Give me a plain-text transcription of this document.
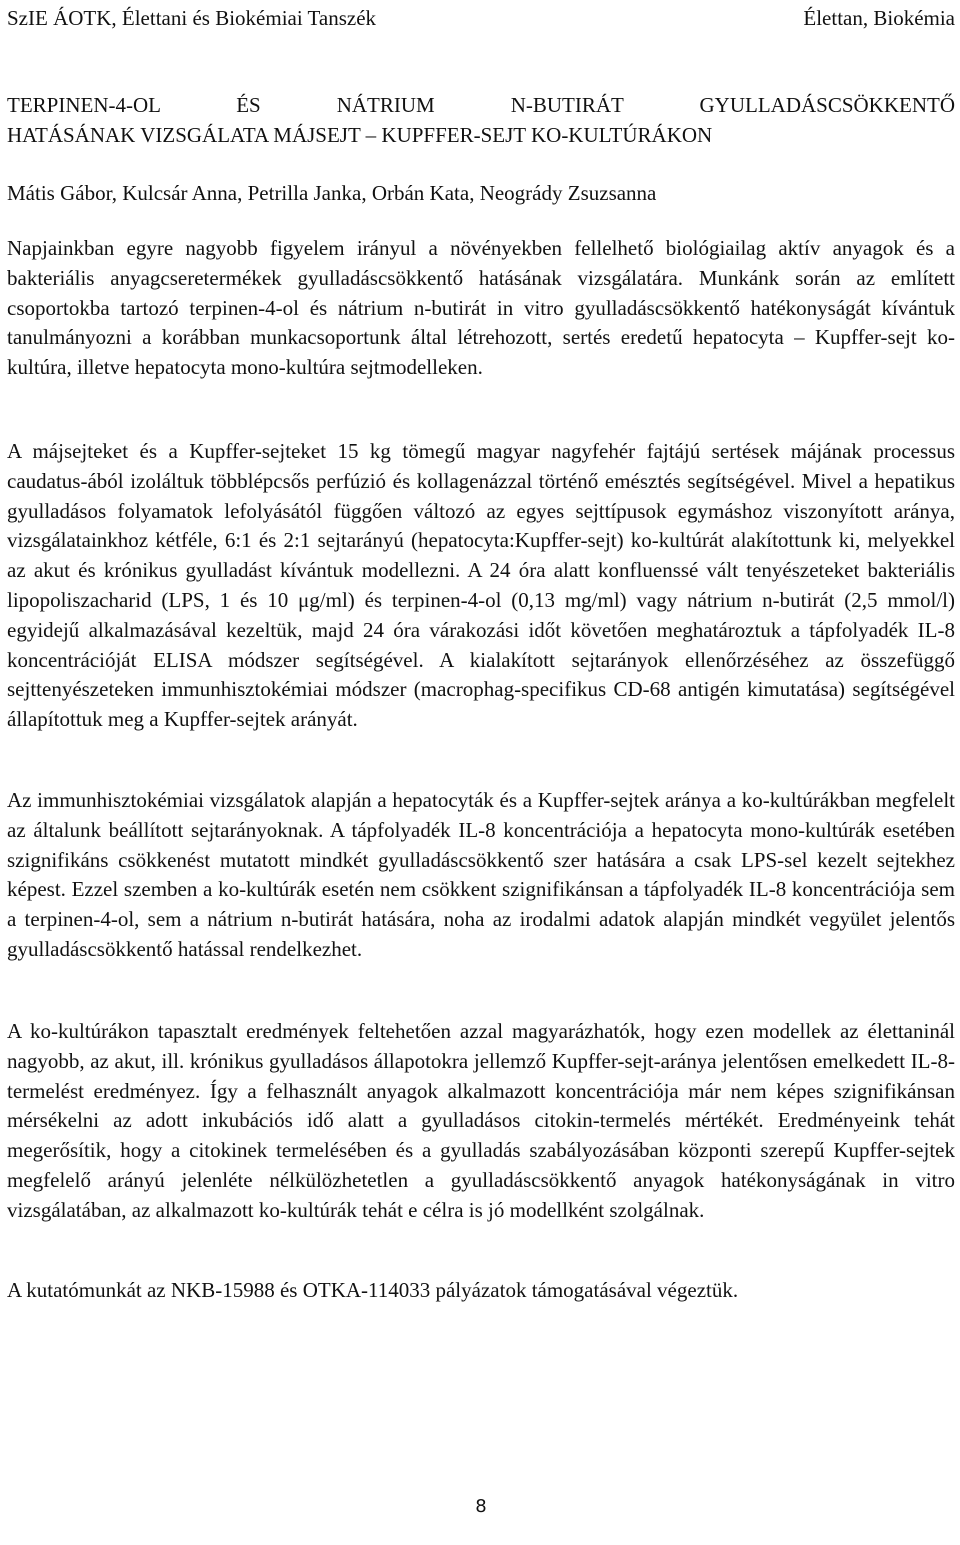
SzIE ÁOTK, Élettani és Biokémiai Tanszék	Élettan, Biokémia
TERPINEN-4-OL ÉS NÁTRIUM N-BUTIRÁT GYULLADÁSCSÖKKENTŐ
HATÁSÁNAK VIZSGÁLATA MÁJSEJT – KUPFFER-SEJT KO-KULTÚRÁKON
Mátis Gábor, Kulcsár Anna, Petrilla Janka, Orbán Kata, Neogrády Zsuzsanna

Napjainkban egyre nagyobb figyelem irányul a növényekben fellelhető biológiailag aktív anyagok és a bakteriális anyagcseretermékek gyulladáscsökkentő hatásának vizsgálatára. Munkánk során az említett csoportokba tartozó terpinen-4-ol és nátrium n-butirát in vitro gyulladáscsökkentő hatékonyságát kívántuk tanulmányozni a korábban munkacsoportunk által létrehozott, sertés eredetű hepatocyta – Kupffer-sejt ko-kultúra, illetve hepatocyta mono-kultúra sejtmodelleken.

A májsejteket és a Kupffer-sejteket 15 kg tömegű magyar nagyfehér fajtájú sertések májának processus caudatus-ából izoláltuk többlépcsős perfúzió és kollagenázzal történő emésztés segítségével. Mivel a hepatikus gyulladásos folyamatok lefolyásától függően változó az egyes sejttípusok egymáshoz viszonyított aránya, vizsgálatainkhoz kétféle, 6:1 és 2:1 sejtarányú (hepatocyta:Kupffer-sejt) ko-kultúrát alakítottunk ki, melyekkel az akut és krónikus gyulladást kívántuk modellezni. A 24 óra alatt konfluenssé vált tenyészeteket bakteriális lipopoliszacharid (LPS, 1 és 10 μg/ml) és terpinen-4-ol (0,13 mg/ml) vagy nátrium n-butirát (2,5 mmol/l) egyidejű alkalmazásával kezeltük, majd 24 óra várakozási időt követően meghatároztuk a tápfolyadék IL-8 koncentrációját ELISA módszer segítségével. A kialakított sejtarányok ellenőrzéséhez az összefüggő sejttenyészeteken immunhisztokémiai módszer (macrophag-specifikus CD-68 antigén kimutatása) segítségével állapítottuk meg a Kupffer-sejtek arányát.

Az immunhisztokémiai vizsgálatok alapján a hepatocyták és a Kupffer-sejtek aránya a ko-kultúrákban megfelelt az általunk beállított sejtarányoknak. A tápfolyadék IL-8 koncentrációja a hepatocyta mono-kultúrák esetében szignifikáns csökkenést mutatott mindkét gyulladáscsökkentő szer hatására a csak LPS-sel kezelt sejtekhez képest. Ezzel szemben a ko-kultúrák esetén nem csökkent szignifikánsan a tápfolyadék IL-8 koncentrációja sem a terpinen-4-ol, sem a nátrium n-butirát hatására, noha az irodalmi adatok alapján mindkét vegyület jelentős gyulladáscsökkentő hatással rendelkezhet.

A ko-kultúrákon tapasztalt eredmények feltehetően azzal magyarázhatók, hogy ezen modellek az élettaninál nagyobb, az akut, ill. krónikus gyulladásos állapotokra jellemző Kupffer-sejt-aránya jelentősen emelkedett IL-8-termelést eredményez. Így a felhasznált anyagok alkalmazott koncentrációja már nem képes szignifikánsan mérsékelni az adott inkubációs idő alatt a gyulladásos citokin-termelés mértékét. Eredményeink tehát megerősítik, hogy a citokinek termelésében és a gyulladás szabályozásában központi szerepű Kupffer-sejtek megfelelő arányú jelenléte nélkülözhetetlen a gyulladáscsökkentő anyagok hatékonyságának in vitro vizsgálatában, az alkalmazott ko-kultúrák tehát e célra is jó modellként szolgálnak.

A kutatómunkát az NKB-15988 és OTKA-114033 pályázatok támogatásával végeztük.

8
